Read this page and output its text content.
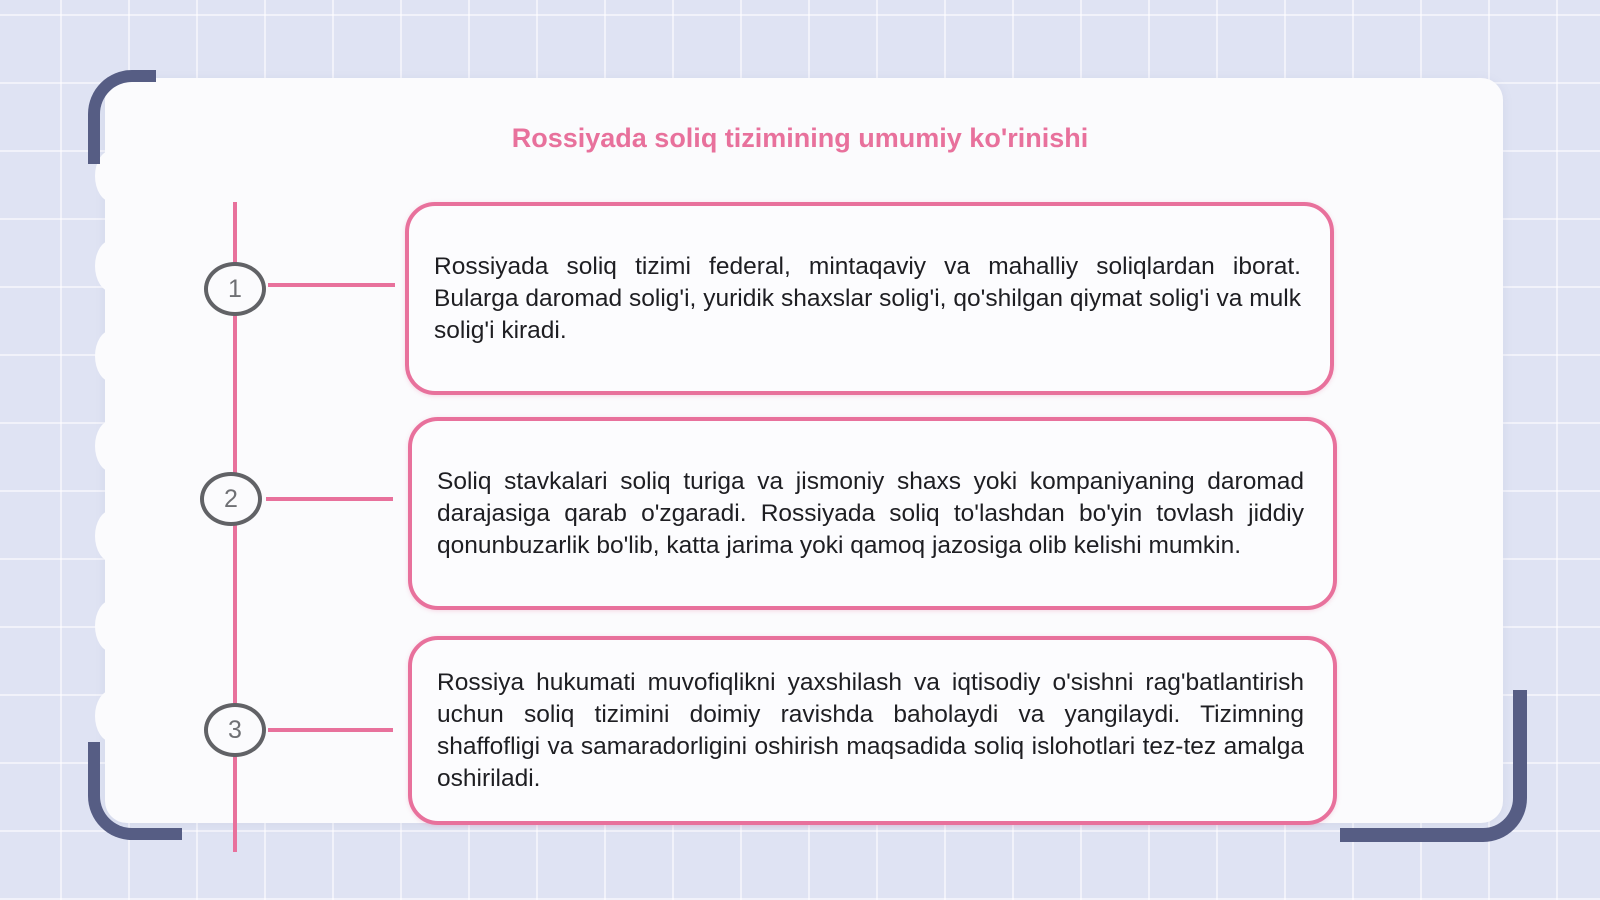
Rossiyada soliq tizimining umumiy ko'rinishi
1

Rossiyada soliq tizimi federal, mintaqaviy va mahalliy soliqlardan iborat. Bularga daromad solig'i, yuridik shaxslar solig'i, qo'shilgan qiymat solig'i va mulk solig'i kiradi.

2

Soliq stavkalari soliq turiga va jismoniy shaxs yoki kompaniyaning daromad darajasiga qarab o'zgaradi. Rossiyada soliq to'lashdan bo'yin tovlash jiddiy qonunbuzarlik bo'lib, katta jarima yoki qamoq jazosiga olib kelishi mumkin.

3

Rossiya hukumati muvofiqlikni yaxshilash va iqtisodiy o'sishni rag'batlantirish uchun soliq tizimini doimiy ravishda baholaydi va yangilaydi. Tizimning shaffofligi va samaradorligini oshirish maqsadida soliq islohotlari tez-tez amalga oshiriladi.
